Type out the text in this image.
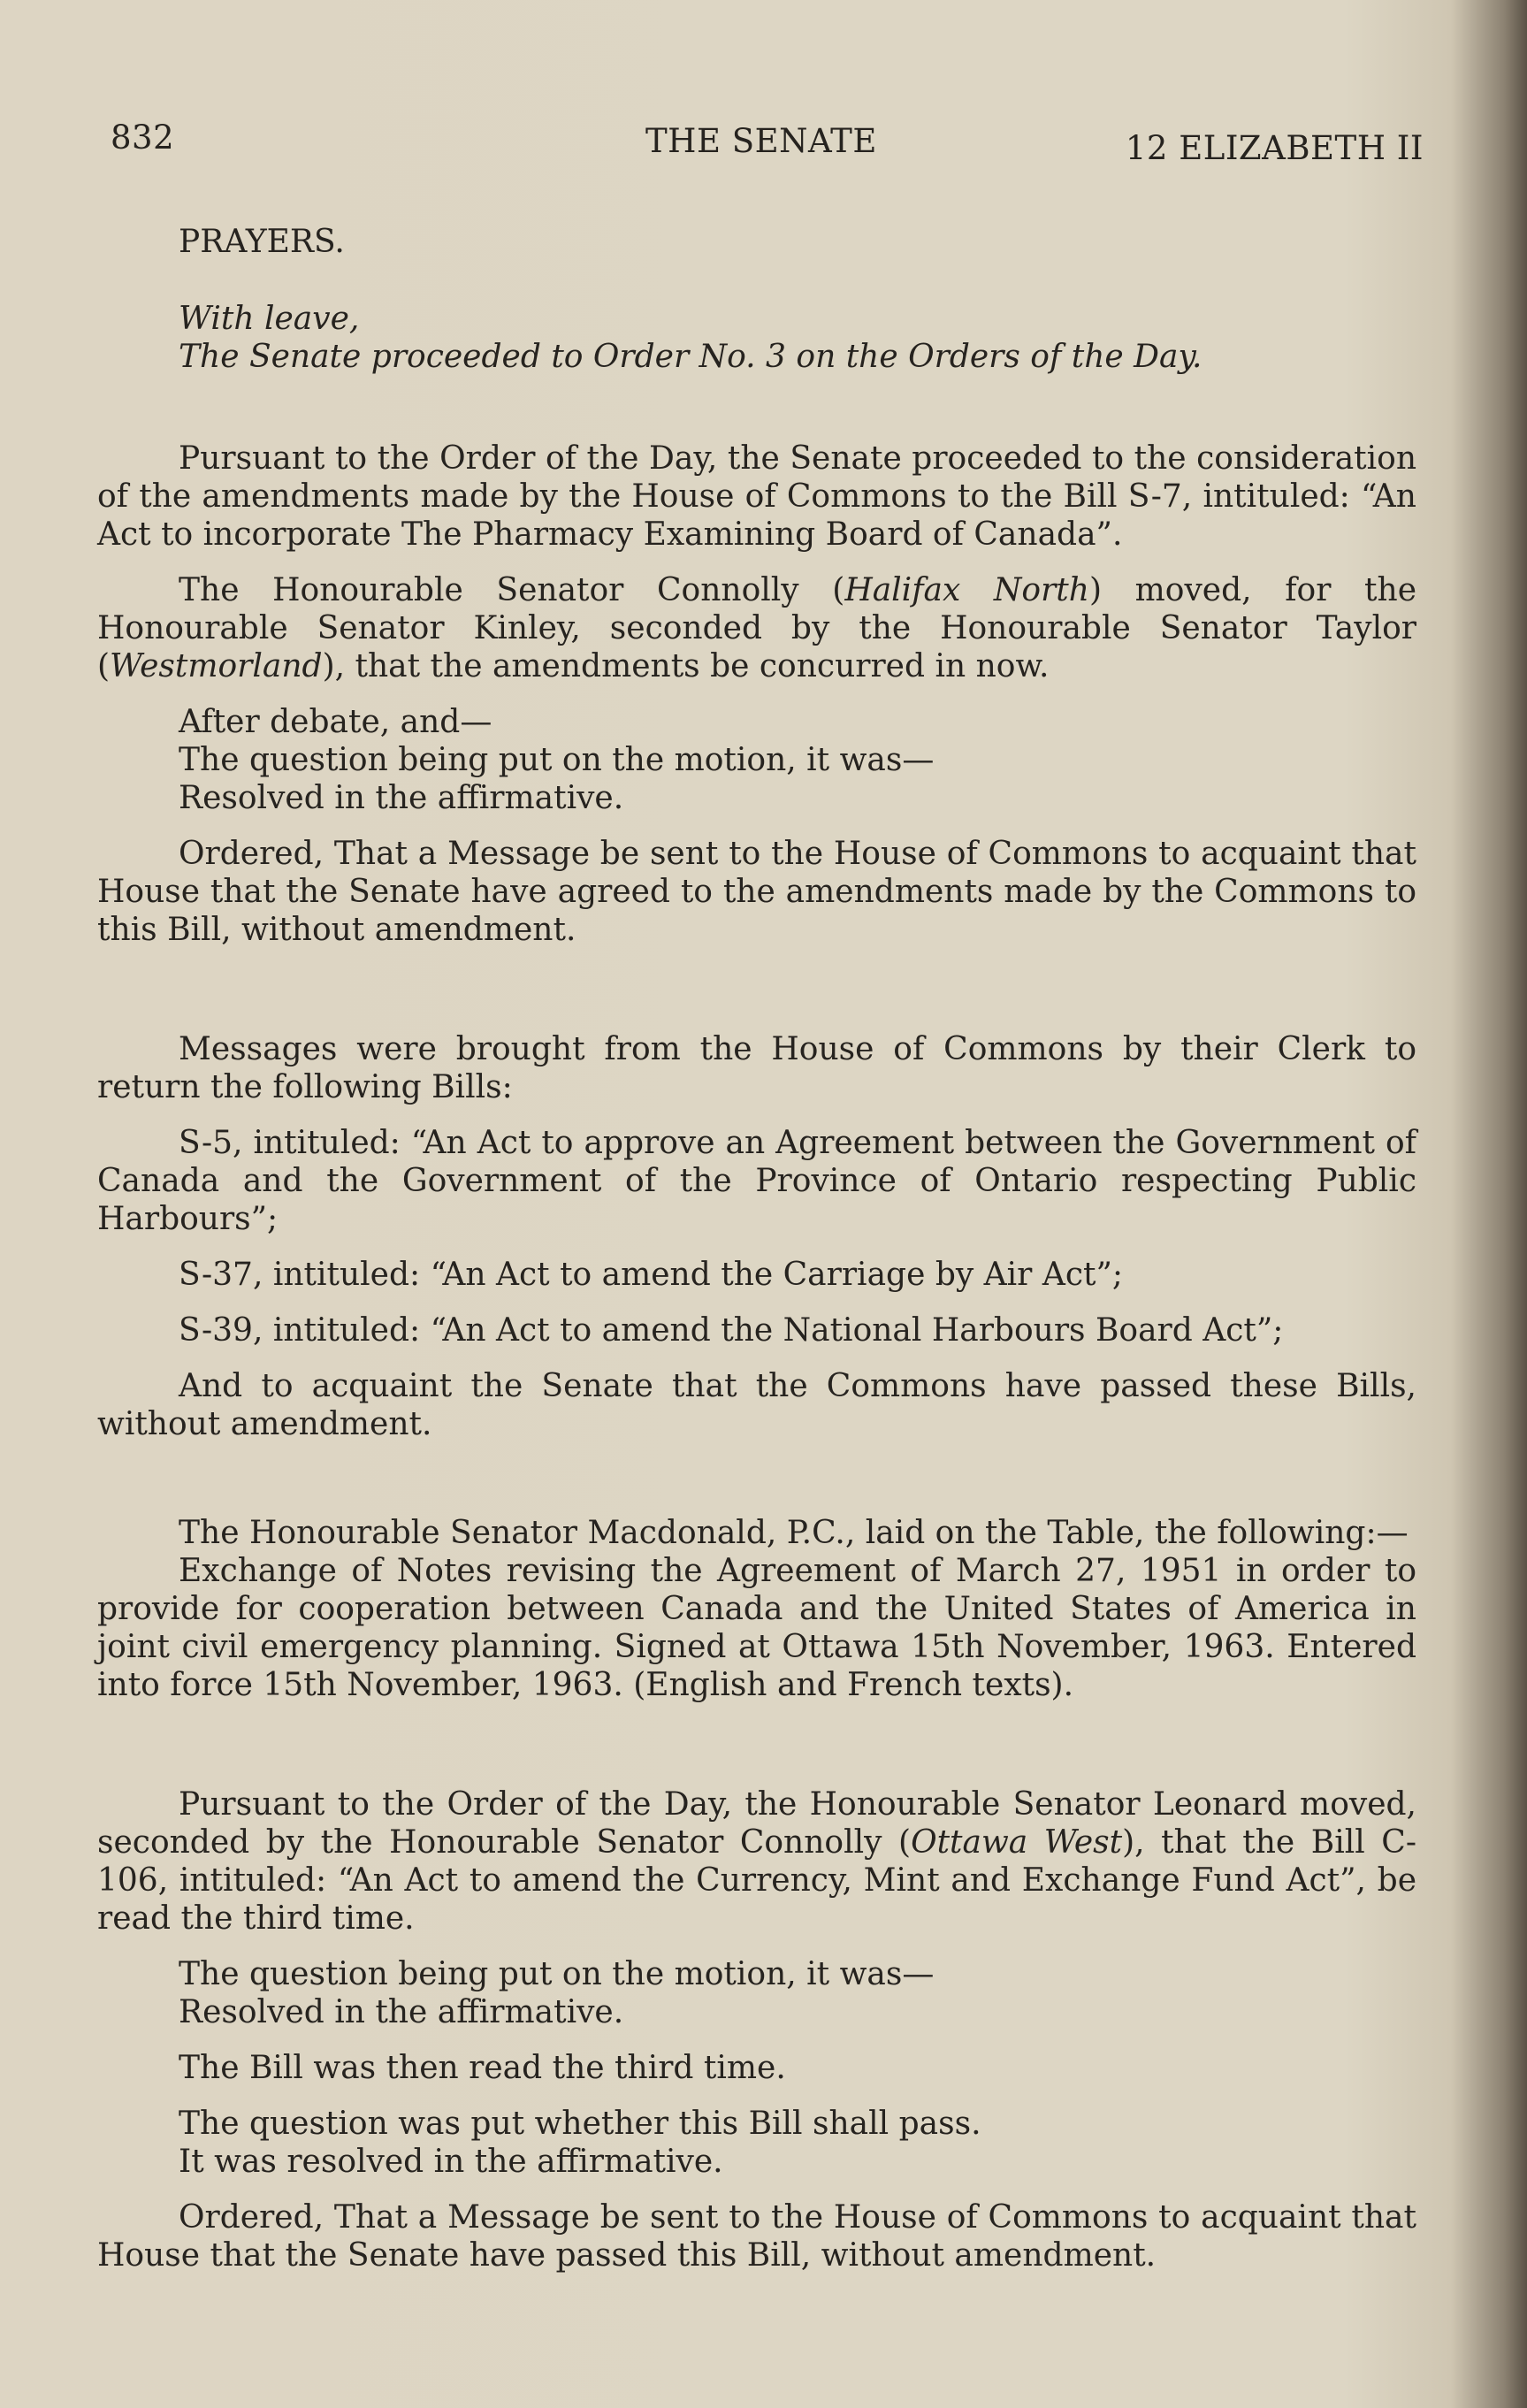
832	THE SENATE	12 ELIZABETH II
PRAYERS.
With leave,
The Senate proceeded to Order No. 3 on the Orders of the Day.

Pursuant to the Order of the Day, the Senate proceeded to the consideration of the amendments made by the House of Commons to the Bill S-7, intituled: “An Act to incorporate The Pharmacy Examining Board of Canada”.

The Honourable Senator Connolly (Halifax North) moved, for the Honourable Senator Kinley, seconded by the Honourable Senator Taylor (Westmorland), that the amendments be concurred in now.

After debate, and—
The question being put on the motion, it was—
Resolved in the affirmative.

Ordered, That a Message be sent to the House of Commons to acquaint that House that the Senate have agreed to the amendments made by the Commons to this Bill, without amendment.

Messages were brought from the House of Commons by their Clerk to return the following Bills:

S-5, intituled: “An Act to approve an Agreement between the Government of Canada and the Government of the Province of Ontario respecting Public Harbours”;

S-37, intituled: “An Act to amend the Carriage by Air Act”;

S-39, intituled: “An Act to amend the National Harbours Board Act”;

And to acquaint the Senate that the Commons have passed these Bills, without amendment.

The Honourable Senator Macdonald, P.C., laid on the Table, the following:—

Exchange of Notes revising the Agreement of March 27, 1951 in order to provide for cooperation between Canada and the United States of America in joint civil emergency planning. Signed at Ottawa 15th November, 1963. Entered into force 15th November, 1963. (English and French texts).

Pursuant to the Order of the Day, the Honourable Senator Leonard moved, seconded by the Honourable Senator Connolly (Ottawa West), that the Bill C-106, intituled: “An Act to amend the Currency, Mint and Exchange Fund Act”, be read the third time.

The question being put on the motion, it was—
Resolved in the affirmative.
The Bill was then read the third time.
The question was put whether this Bill shall pass.
It was resolved in the affirmative.

Ordered, That a Message be sent to the House of Commons to acquaint that House that the Senate have passed this Bill, without amendment.
